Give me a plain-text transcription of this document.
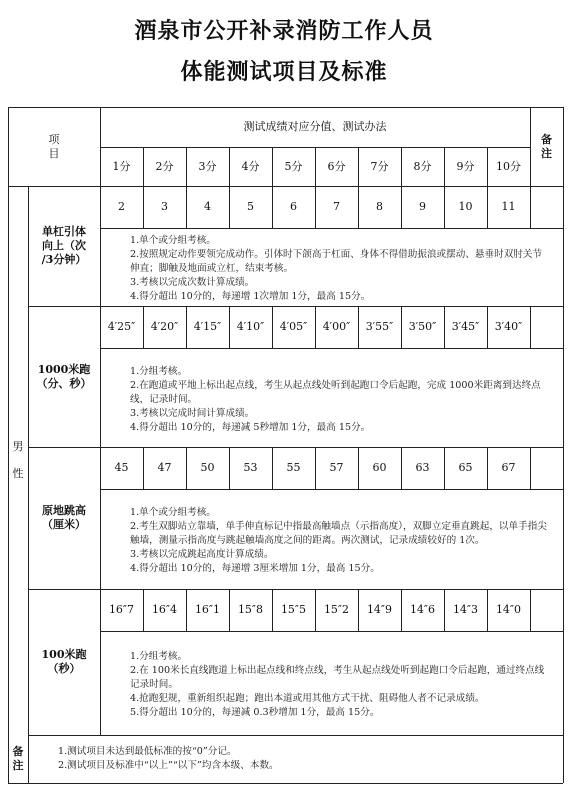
酒泉市公开补录消防工作人员
体能测试项目及标准
项
目
测试成绩对应分值、测试办法
备
注
1分	2分	3分	4分	5分	6分	7分	8分	9分	10分
男

性
单杠引体
向上（次
/3分钟）
2	3	4	5	6	7	8	9	10	11
1.单个或分组考核。
2.按照规定动作要领完成动作。引体时下颌高于杠面、身体不得借助振浪或摆动、悬垂时双肘关节伸直；脚触及地面或立杠，结束考核。
3.考核以完成次数计算成绩。
4.得分超出 10分的，每递增 1次增加 1分，最高 15分。
1000米跑
（分、秒）
4′25″	4′20″	4′15″	4′10″	4′05″	4′00″	3′55″	3′50″	3′45″	3′40″
1.分组考核。
2.在跑道或平地上标出起点线，考生从起点线处听到起跑口令后起跑，完成 1000米距离到达终点线，记录时间。
3.考核以完成时间计算成绩。
4.得分超出 10分的，每递减 5秒增加 1分，最高 15分。
原地跳高
（厘米）
45	47	50	53	55	57	60	63	65	67
1.单个或分组考核。
2.考生双脚站立靠墙，单手伸直标记中指最高触墙点（示指高度），双脚立定垂直跳起，以单手指尖触墙，测量示指高度与跳起触墙高度之间的距离。两次测试，记录成绩较好的 1次。
3.考核以完成跳起高度计算成绩。
4.得分超出 10分的，每递增 3厘米增加 1分，最高 15分。
100米跑
（秒）
16″7	16″4	16″1	15″8	15″5	15″2	14″9	14″6	14″3	14″0
1.分组考核。
2.在 100米长直线跑道上标出起点线和终点线，考生从起点线处听到起跑口令后起跑，通过终点线记录时间。
4.抢跑犯规，重新组织起跑；跑出本道或用其他方式干扰、阻碍他人者不记录成绩。
5.得分超出 10分的，每递减 0.3秒增加 1分，最高 15分。
备
注
1.测试项目未达到最低标准的按“0”分记。
2.测试项目及标准中“以上”“以下”均含本级、本数。
